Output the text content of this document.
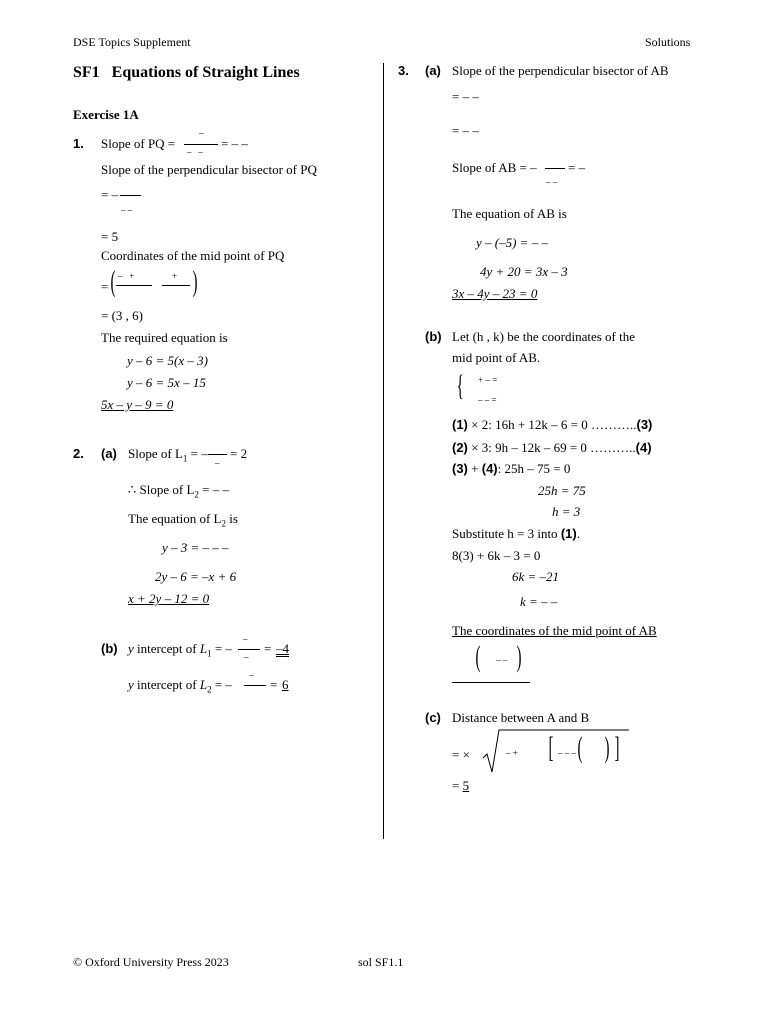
DSE Topics Supplement	Solutions
SF1 Equations of Straight Lines
Exercise 1A
1. Slope of PQ =
–
–   –
= – –
Slope of the perpendicular bisector of PQ
= –
– –
= 5
Coordinates of the mid point of PQ
= (	)
–   +	+
= (3 , 6)
The required equation is
y – 6 = 5(x – 3)
y – 6 = 5x – 15
5x – y – 9 = 0
2. (a) Slope of $L_1$ = –
–
= 2
∴ Slope of $L_2$ = – –
The equation of $L_2$ is
y – 3 = – – –
2y – 6 = –x + 6
x + 2y – 12 = 0
(b) y intercept of $L_1$ = –
–
–
= –4
y intercept of $L_2$ = –
–
= 6
3. (a) Slope of the perpendicular bisector of AB
= – –
= – –
Slope of AB = – = –
– –
The equation of AB is
y – (–5) = – –
4y + 20 = 3x – 3
3x – 4y – 23 = 0
(b) Let (h , k) be the coordinates of the
mid point of AB.
{ + – =
– – =
(1) × 2: 16h + 12k – 6 = 0 ………..(3)
(2) × 3: 9h – 12k – 69 = 0 ………..(4)
(3) + (4): 25h – 75 = 0
25h = 75
h = 3
Substitute h = 3 into (1).
8(3) + 6k – 3 = 0
6k = –21
k = – –
The coordinates of the mid point of AB
( – – )
(c) Distance between A and B
= ×	– + [ – – – ( ) ]
= 5
© Oxford University Press 2023	sol SF1.1
